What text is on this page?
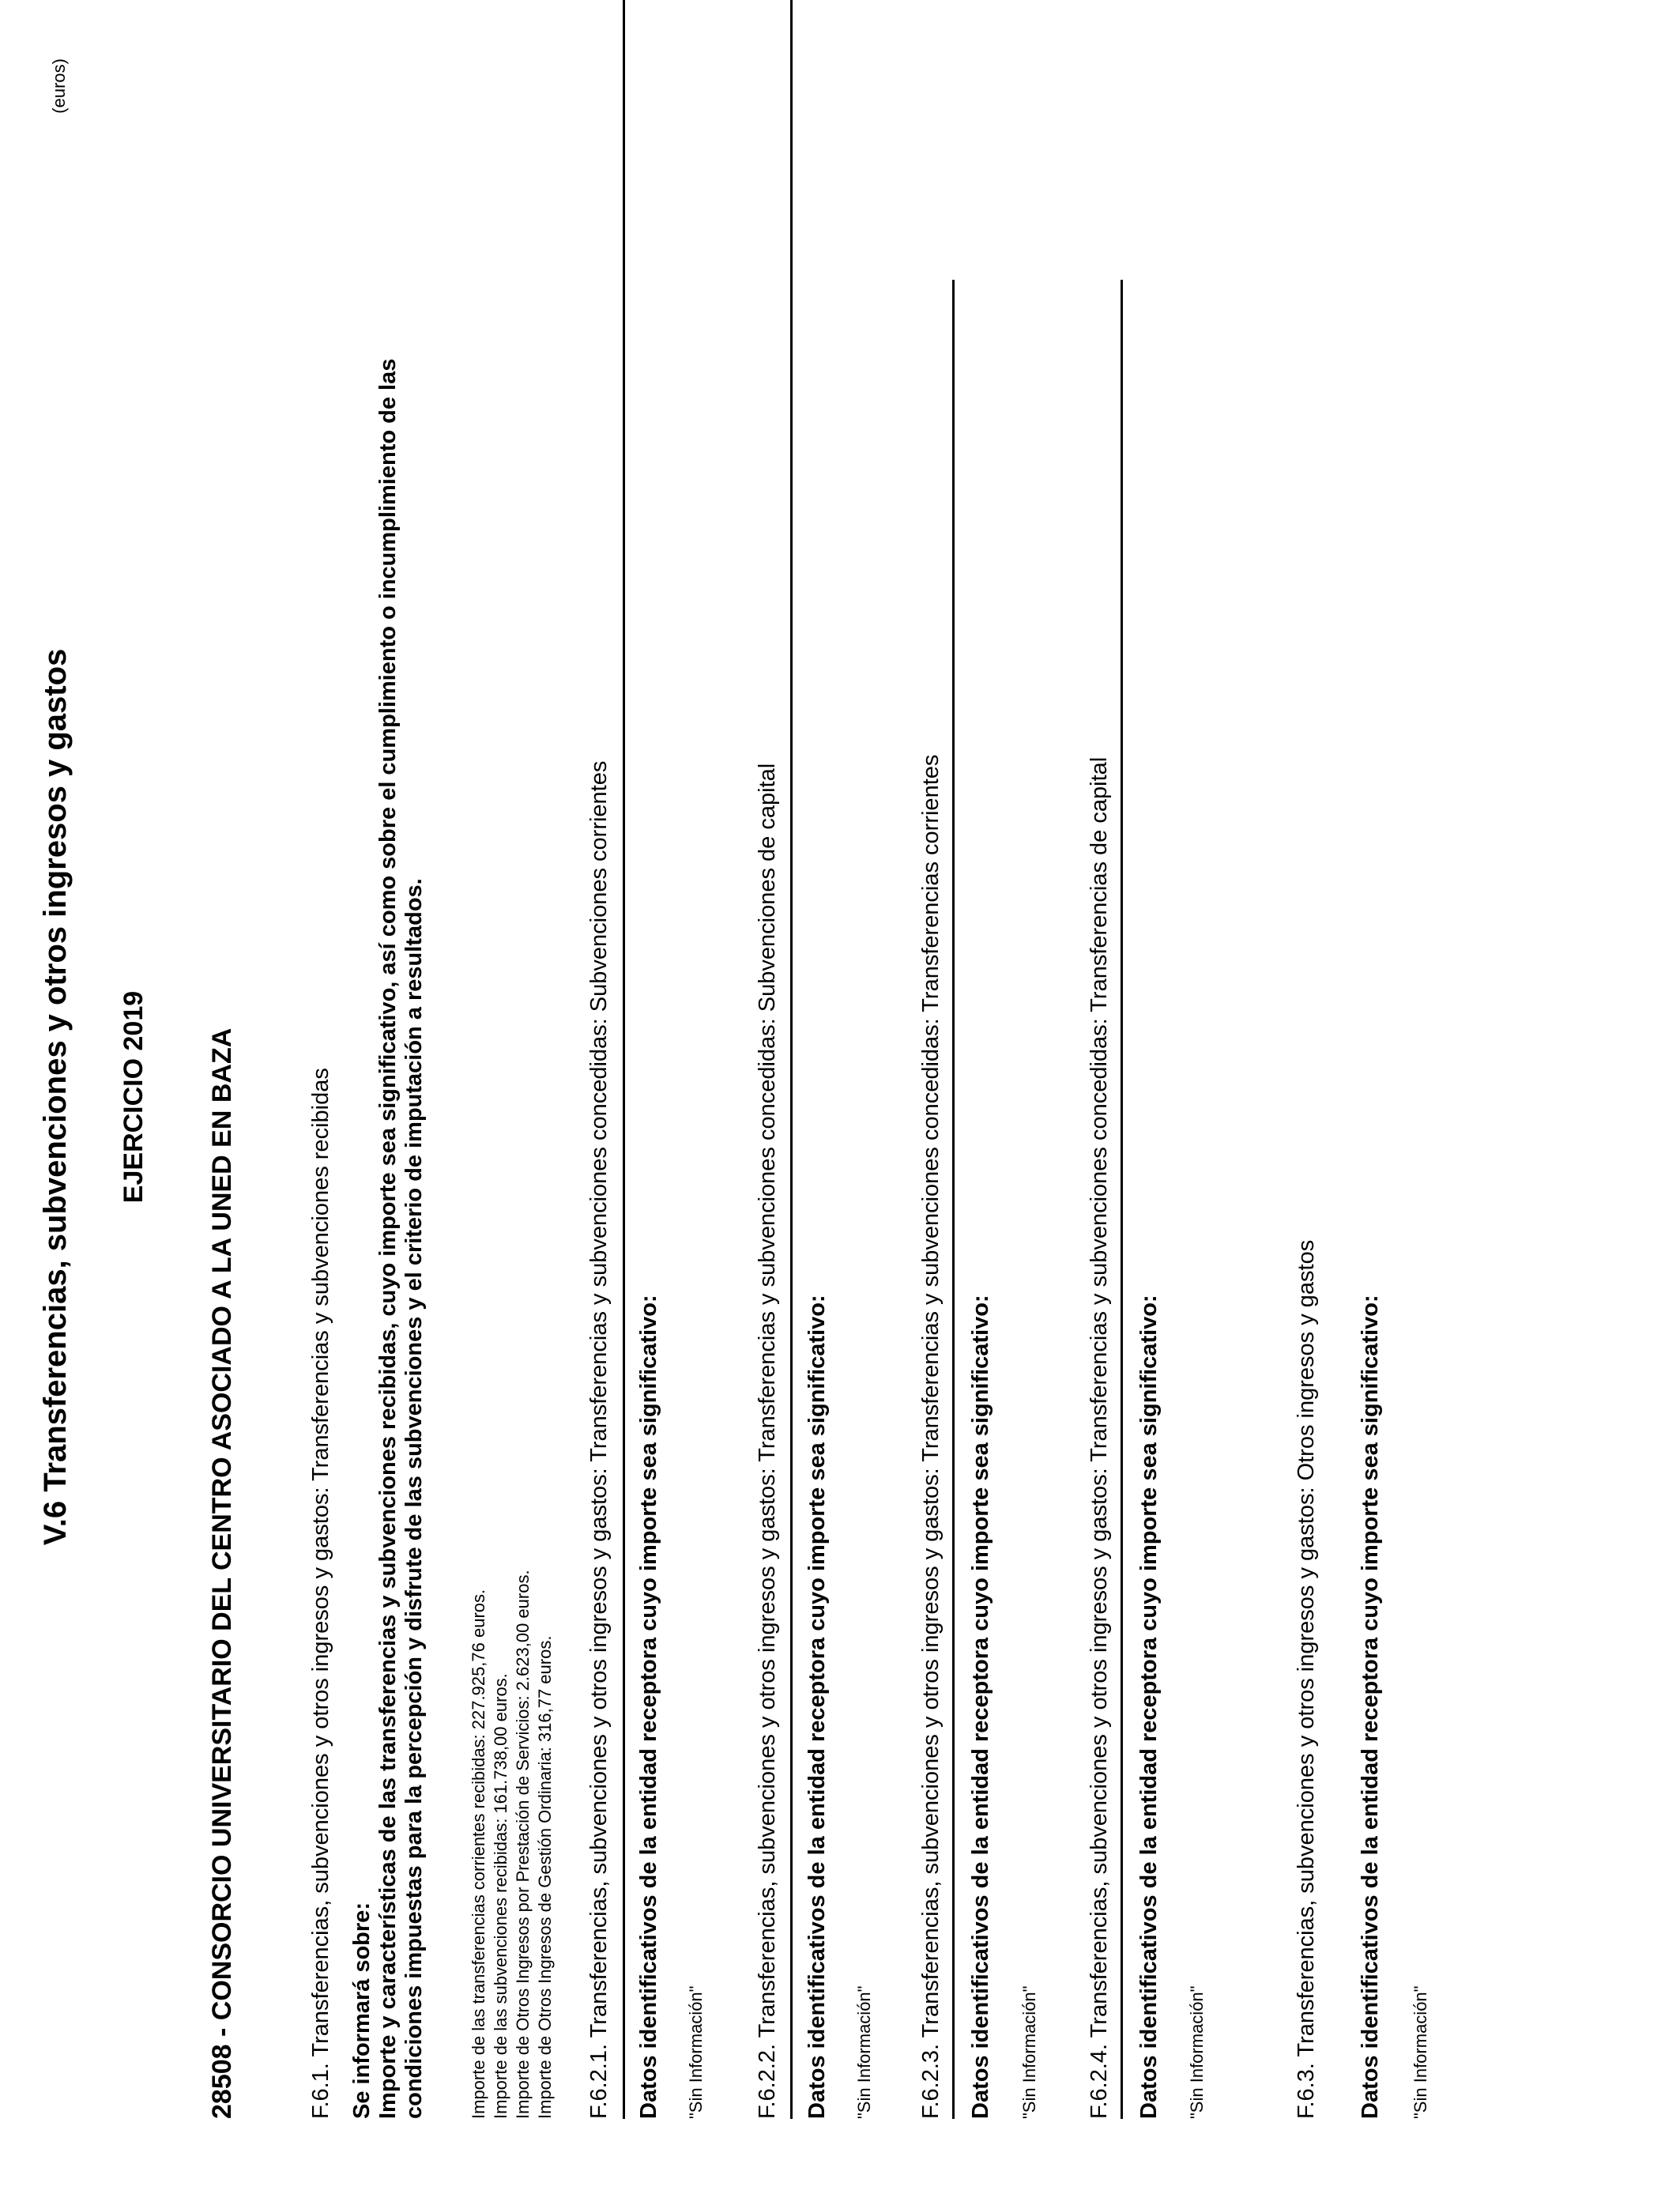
V.6 Transferencias, subvenciones y otros ingresos y gastos
(euros)
EJERCICIO 2019 28508 - CONSORCIO UNIVERSITARIO DEL CENTRO ASOCIADO A LA UNED EN BAZA	F.6.1. Transferencias, subvenciones y otros ingresos y gastos: Transferencias y subvenciones recibidas Se informará sobre: Importe y características de las transferencias y subvenciones recibidas, cuyo importe sea significativo, así como sobre el cumplimiento o incumplimiento de las condiciones impuestas para la percepción y disfrute de las subvenciones y el criterio de imputación a resultados. Importe de las transferencias corrientes recibidas: 227.925,76 euros. Importe de las subvenciones recibidas: 161.738,00 euros. Importe de Otros Ingresos por Prestación de Servicios: 2.623,00 euros. Importe de Otros Ingresos de Gestión Ordinaria: 316,77 euros. F.6.2.1. Transferencias, subvenciones y otros ingresos y gastos: Transferencias y subvenciones concedidas: Subvenciones corrientes Datos identificativos de la entidad receptora cuyo importe sea significativo: "Sin Información" F.6.2.2. Transferencias, subvenciones y otros ingresos y gastos: Transferencias y subvenciones concedidas: Subvenciones de capital Datos identificativos de la entidad receptora cuyo importe sea significativo: "Sin Información" F.6.2.3. Transferencias, subvenciones y otros ingresos y gastos: Transferencias y subvenciones concedidas: Transferencias corrientes Datos identificativos de la entidad receptora cuyo importe sea significativo: "Sin Información" F.6.2.4. Transferencias, subvenciones y otros ingresos y gastos: Transferencias y subvenciones concedidas: Transferencias de capital Datos identificativos de la entidad receptora cuyo importe sea significativo: "Sin Información"	F.6.3. Transferencias, subvenciones y otros ingresos y gastos: Otros ingresos y gastos Datos identificativos de la entidad receptora cuyo importe sea significativo: "Sin Información"
